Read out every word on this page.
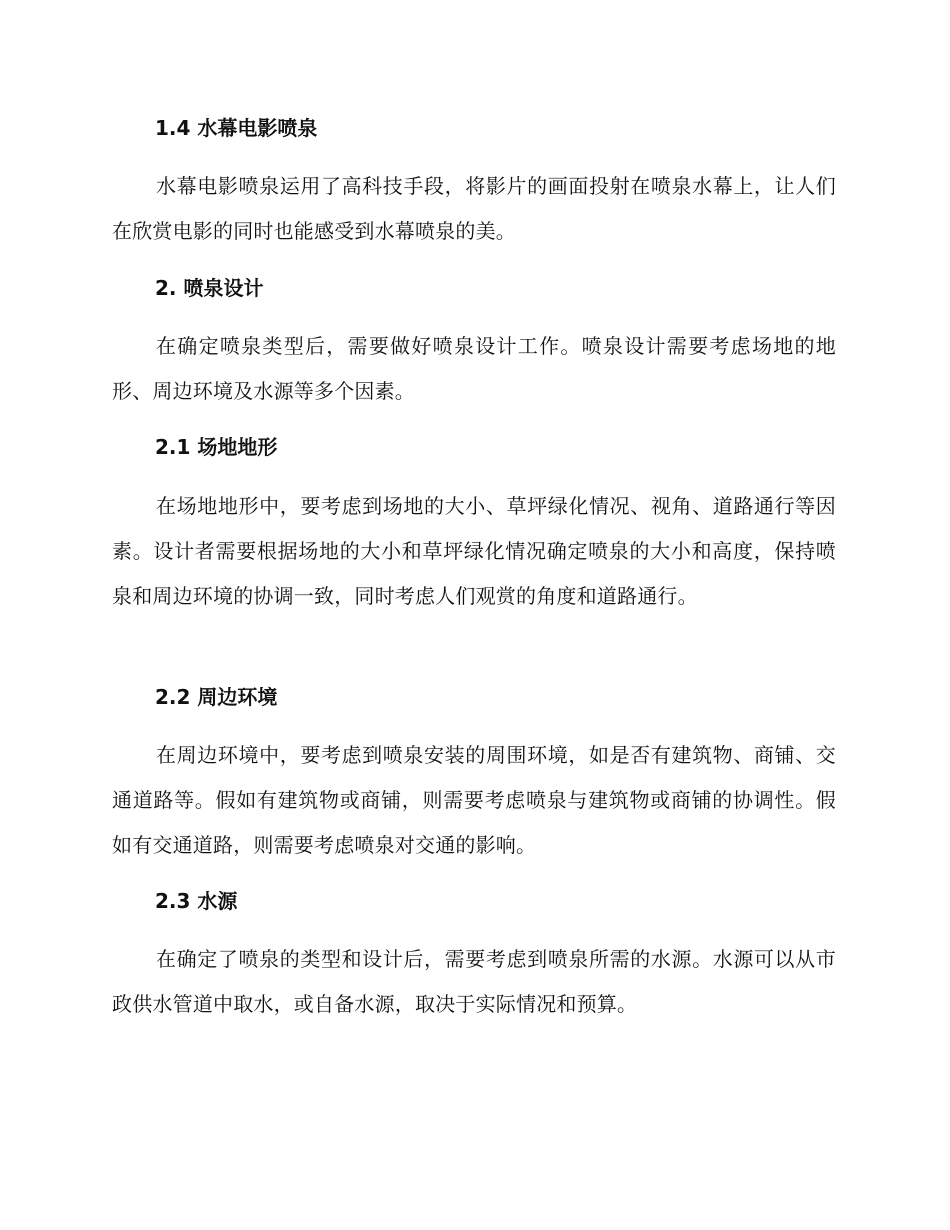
1.4 水幕电影喷泉

水幕电影喷泉运用了高科技手段，将影片的画面投射在喷泉水幕上，让人们在欣赏电影的同时也能感受到水幕喷泉的美。

2. 喷泉设计

在确定喷泉类型后，需要做好喷泉设计工作。喷泉设计需要考虑场地的地形、周边环境及水源等多个因素。

2.1 场地地形

在场地地形中，要考虑到场地的大小、草坪绿化情况、视角、道路通行等因素。设计者需要根据场地的大小和草坪绿化情况确定喷泉的大小和高度，保持喷泉和周边环境的协调一致，同时考虑人们观赏的角度和道路通行。

2.2 周边环境

在周边环境中，要考虑到喷泉安装的周围环境，如是否有建筑物、商铺、交通道路等。假如有建筑物或商铺，则需要考虑喷泉与建筑物或商铺的协调性。假如有交通道路，则需要考虑喷泉对交通的影响。

2.3 水源

在确定了喷泉的类型和设计后，需要考虑到喷泉所需的水源。水源可以从市政供水管道中取水，或自备水源，取决于实际情况和预算。
